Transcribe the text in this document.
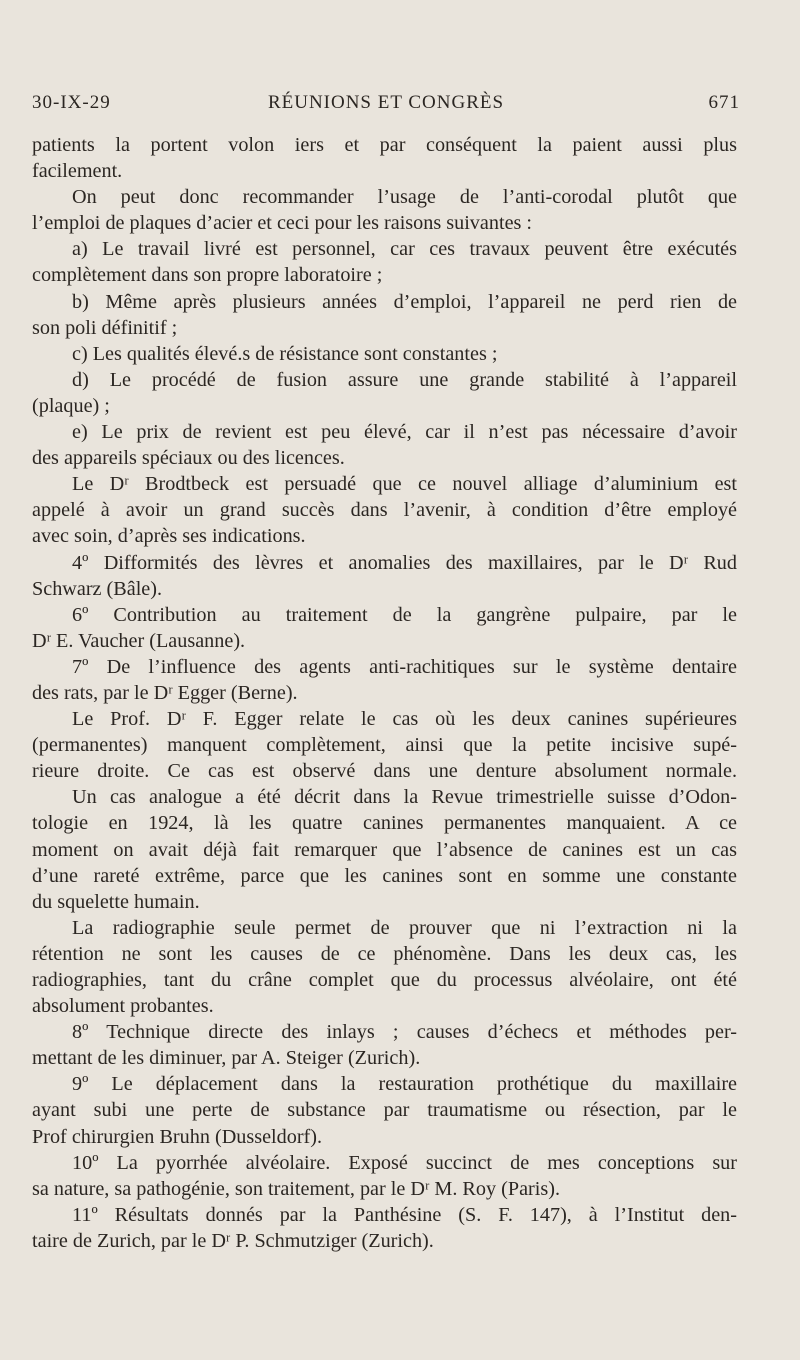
30-IX-29	RÉUNIONS ET CONGRÈS	671
patients la portent volon iers et par conséquent la paient aussi plus
facilement.
On peut donc recommander l’usage de l’anti-corodal plutôt que
l’emploi de plaques d’acier et ceci pour les raisons suivantes :
a) Le travail livré est personnel, car ces travaux peuvent être exécutés
complètement dans son propre laboratoire ;
b) Même après plusieurs années d’emploi, l’appareil ne perd rien de
son poli définitif ;
c) Les qualités élevé.s de résistance sont constantes ;
d) Le procédé de fusion assure une grande stabilité à l’appareil
(plaque) ;
e) Le prix de revient est peu élevé, car il n’est pas nécessaire d’avoir
des appareils spéciaux ou des licences.
Le Dʳ Brodtbeck est persuadé que ce nouvel alliage d’aluminium est
appelé à avoir un grand succès dans l’avenir, à condition d’être employé
avec soin, d’après ses indications.
4º Difformités des lèvres et anomalies des maxillaires, par le Dʳ Rud
Schwarz (Bâle).
6º Contribution au traitement de la gangrène pulpaire, par le
Dʳ E. Vaucher (Lausanne).
7º De l’influence des agents anti-rachitiques sur le système dentaire
des rats, par le Dʳ Egger (Berne).
Le Prof. Dʳ F. Egger relate le cas où les deux canines supérieures
(permanentes) manquent complètement, ainsi que la petite incisive supé-
rieure droite. Ce cas est observé dans une denture absolument normale.
Un cas analogue a été décrit dans la Revue trimestrielle suisse d’Odon-
tologie en 1924, là les quatre canines permanentes manquaient. A ce
moment on avait déjà fait remarquer que l’absence de canines est un cas
d’une rareté extrême, parce que les canines sont en somme une constante
du squelette humain.
La radiographie seule permet de prouver que ni l’extraction ni la
rétention ne sont les causes de ce phénomène. Dans les deux cas, les
radiographies, tant du crâne complet que du processus alvéolaire, ont été
absolument probantes.
8º Technique directe des inlays ; causes d’échecs et méthodes per-
mettant de les diminuer, par A. Steiger (Zurich).
9º Le déplacement dans la restauration prothétique du maxillaire
ayant subi une perte de substance par traumatisme ou résection, par le
Prof chirurgien Bruhn (Dusseldorf).
10º La pyorrhée alvéolaire. Exposé succinct de mes conceptions sur
sa nature, sa pathogénie, son traitement, par le Dʳ M. Roy (Paris).
11º Résultats donnés par la Panthésine (S. F. 147), à l’Institut den-
taire de Zurich, par le Dʳ P. Schmutziger (Zurich).
